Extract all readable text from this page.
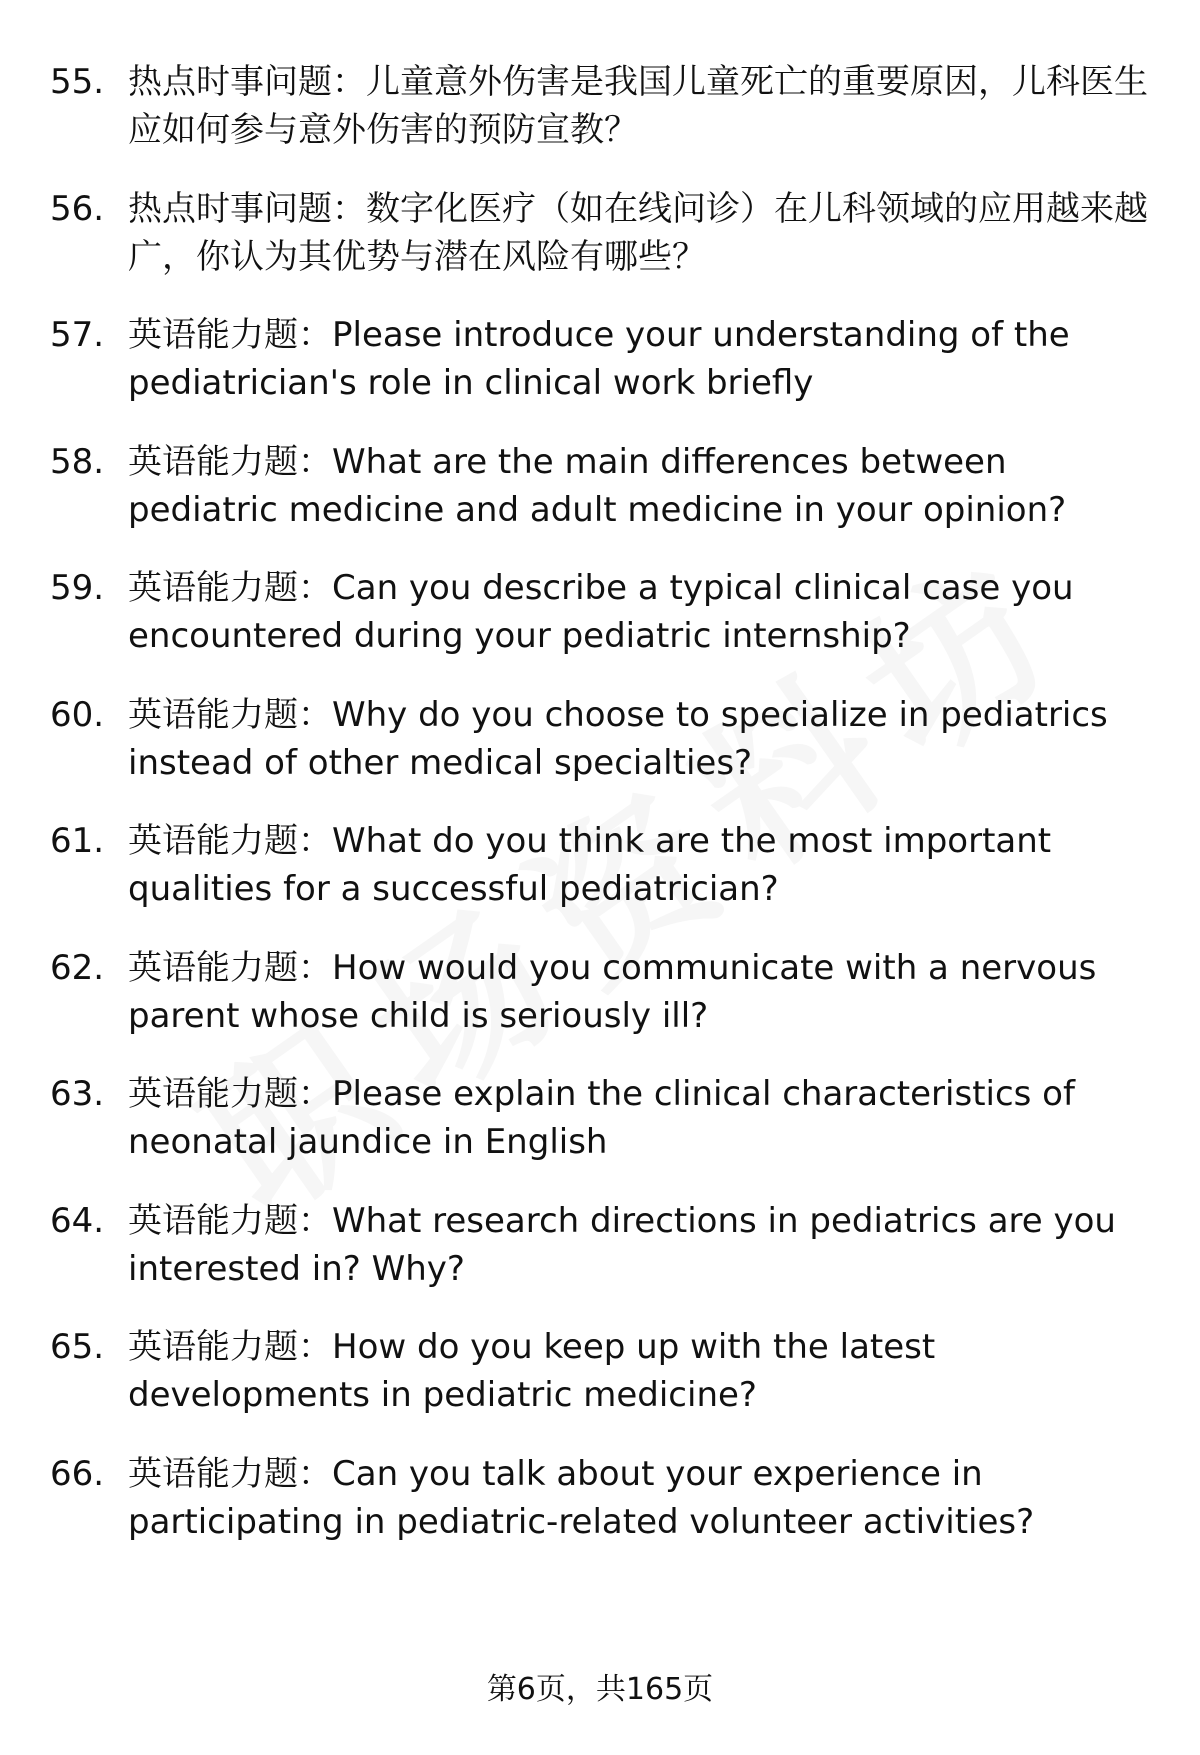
55. 热点时事问题：儿童意外伤害是我国儿童死亡的重要原因，儿科医生应如何参与意外伤害的预防宣教？
56. 热点时事问题：数字化医疗（如在线问诊）在儿科领域的应用越来越广，你认为其优势与潜在风险有哪些？
57. 英语能力题：Please introduce your understanding of the pediatrician's role in clinical work briefly
58. 英语能力题：What are the main differences between pediatric medicine and adult medicine in your opinion?
59. 英语能力题：Can you describe a typical clinical case you encountered during your pediatric internship?
60. 英语能力题：Why do you choose to specialize in pediatrics instead of other medical specialties?
61. 英语能力题：What do you think are the most important qualities for a successful pediatrician?
62. 英语能力题：How would you communicate with a nervous parent whose child is seriously ill?
63. 英语能力题：Please explain the clinical characteristics of neonatal jaundice in English
64. 英语能力题：What research directions in pediatrics are you interested in? Why?
65. 英语能力题：How do you keep up with the latest developments in pediatric medicine?
66. 英语能力题：Can you talk about your experience in participating in pediatric-related volunteer activities?
第6页，共165页
